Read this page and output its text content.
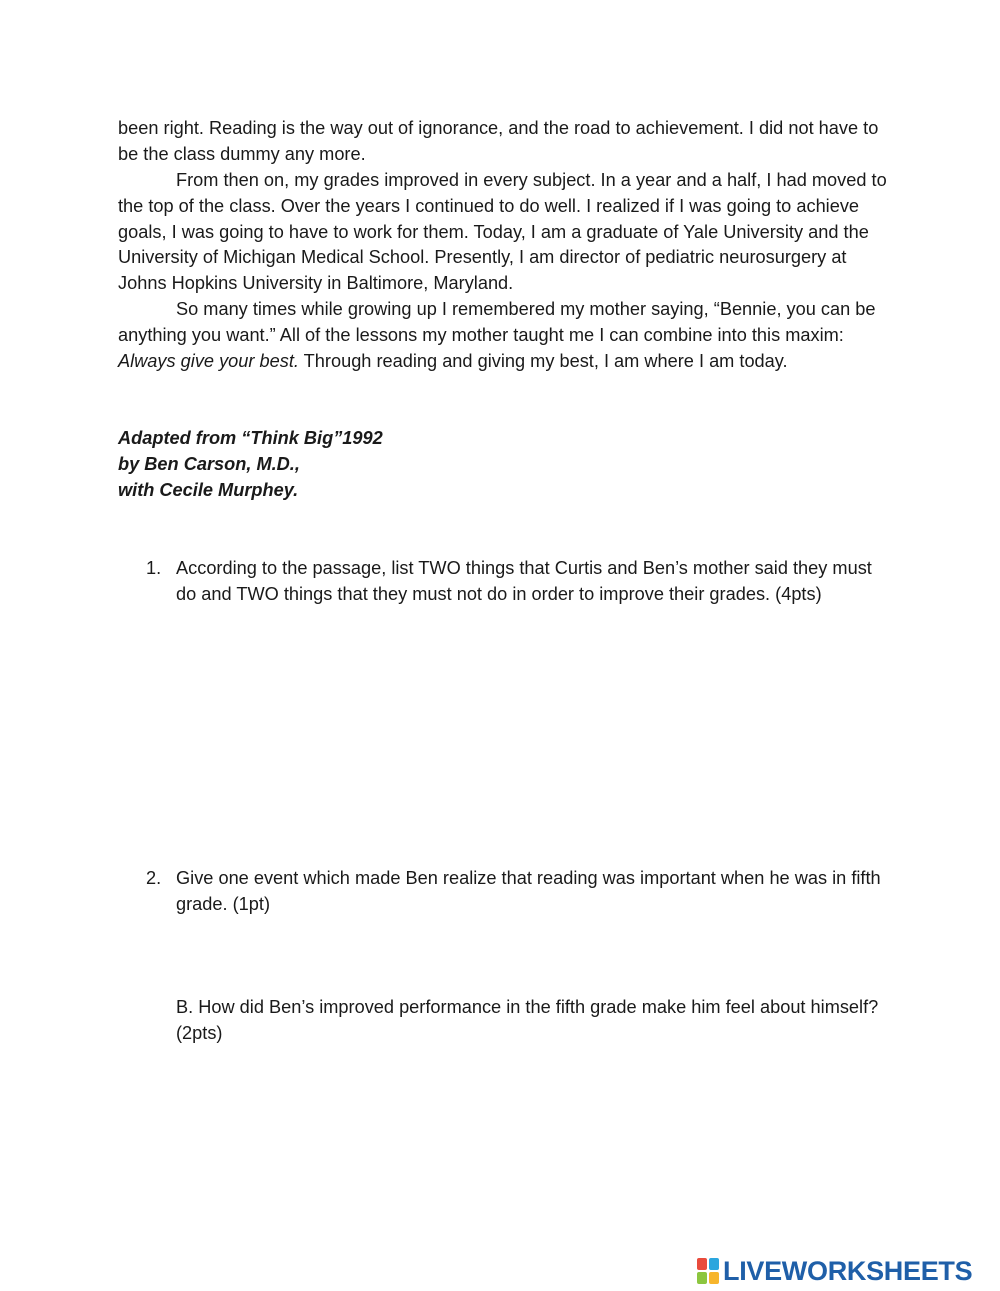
been right. Reading is the way out of ignorance, and the road to achievement. I did not have to be the class dummy any more.

From then on, my grades improved in every subject. In a year and a half, I had moved to the top of the class. Over the years I continued to do well. I realized if I was going to achieve goals, I was going to have to work for them. Today, I am a graduate of Yale University and the University of Michigan Medical School. Presently, I am director of pediatric neurosurgery at Johns Hopkins University in Baltimore, Maryland.

So many times while growing up I remembered my mother saying, “Bennie, you can be anything you want.” All of the lessons my mother taught me I can combine into this maxim: Always give your best. Through reading and giving my best, I am where I am today.

Adapted from “Think Big”1992
by Ben Carson, M.D.,
with Cecile Murphey.
1. According to the passage, list TWO things that Curtis and Ben’s mother said they must do and TWO things that they must not do in order to improve their grades. (4pts)
2. Give one event which made Ben realize that reading was important when he was in fifth grade. (1pt)
B. How did Ben’s improved performance in the fifth grade make him feel about himself? (2pts)
LIVEWORKSHEETS
